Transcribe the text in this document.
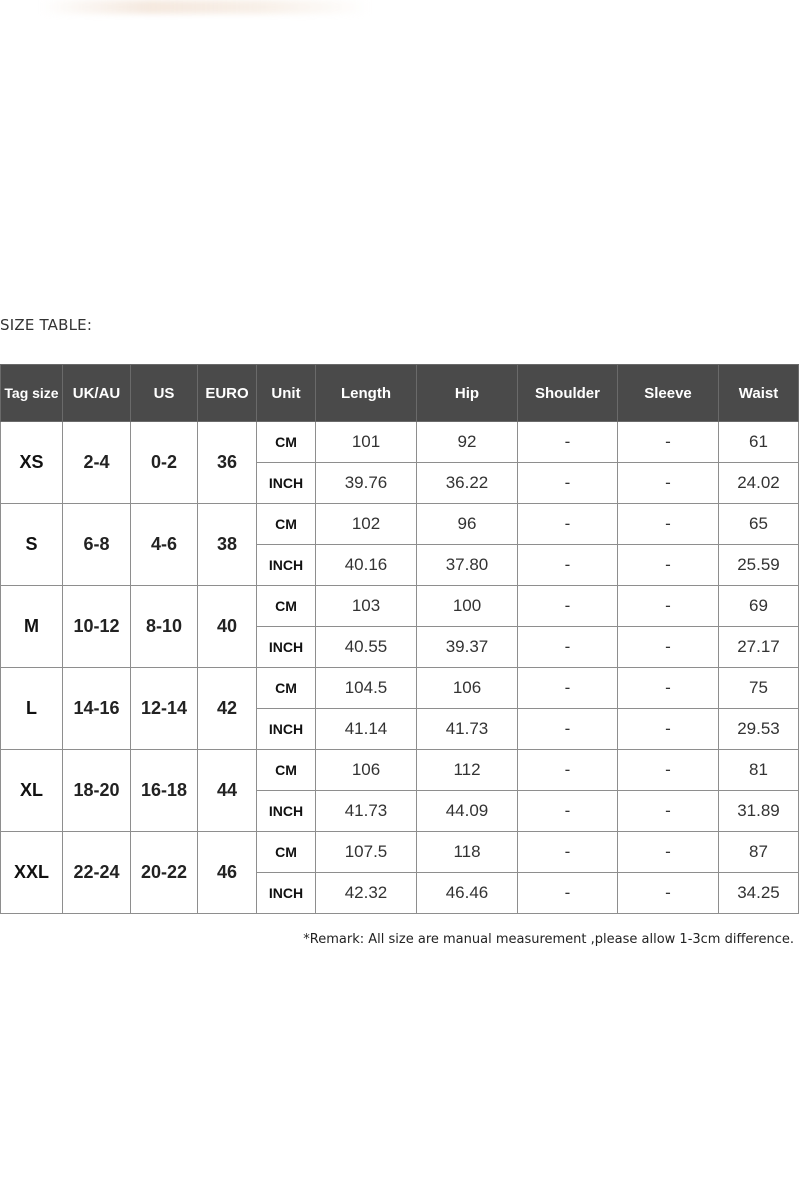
SIZE TABLE:
Tag size	UK/AU	US	EURO	Unit	Length	Hip	Shoulder	Sleeve	Waist
XS	2-4	0-2	36	CM	101	92	-	-	61
				INCH	39.76	36.22	-	-	24.02
S	6-8	4-6	38	CM	102	96	-	-	65
				INCH	40.16	37.80	-	-	25.59
M	10-12	8-10	40	CM	103	100	-	-	69
				INCH	40.55	39.37	-	-	27.17
L	14-16	12-14	42	CM	104.5	106	-	-	75
				INCH	41.14	41.73	-	-	29.53
XL	18-20	16-18	44	CM	106	112	-	-	81
				INCH	41.73	44.09	-	-	31.89
XXL	22-24	20-22	46	CM	107.5	118	-	-	87
				INCH	42.32	46.46	-	-	34.25
*Remark: All size are manual measurement ,please allow 1-3cm difference.
